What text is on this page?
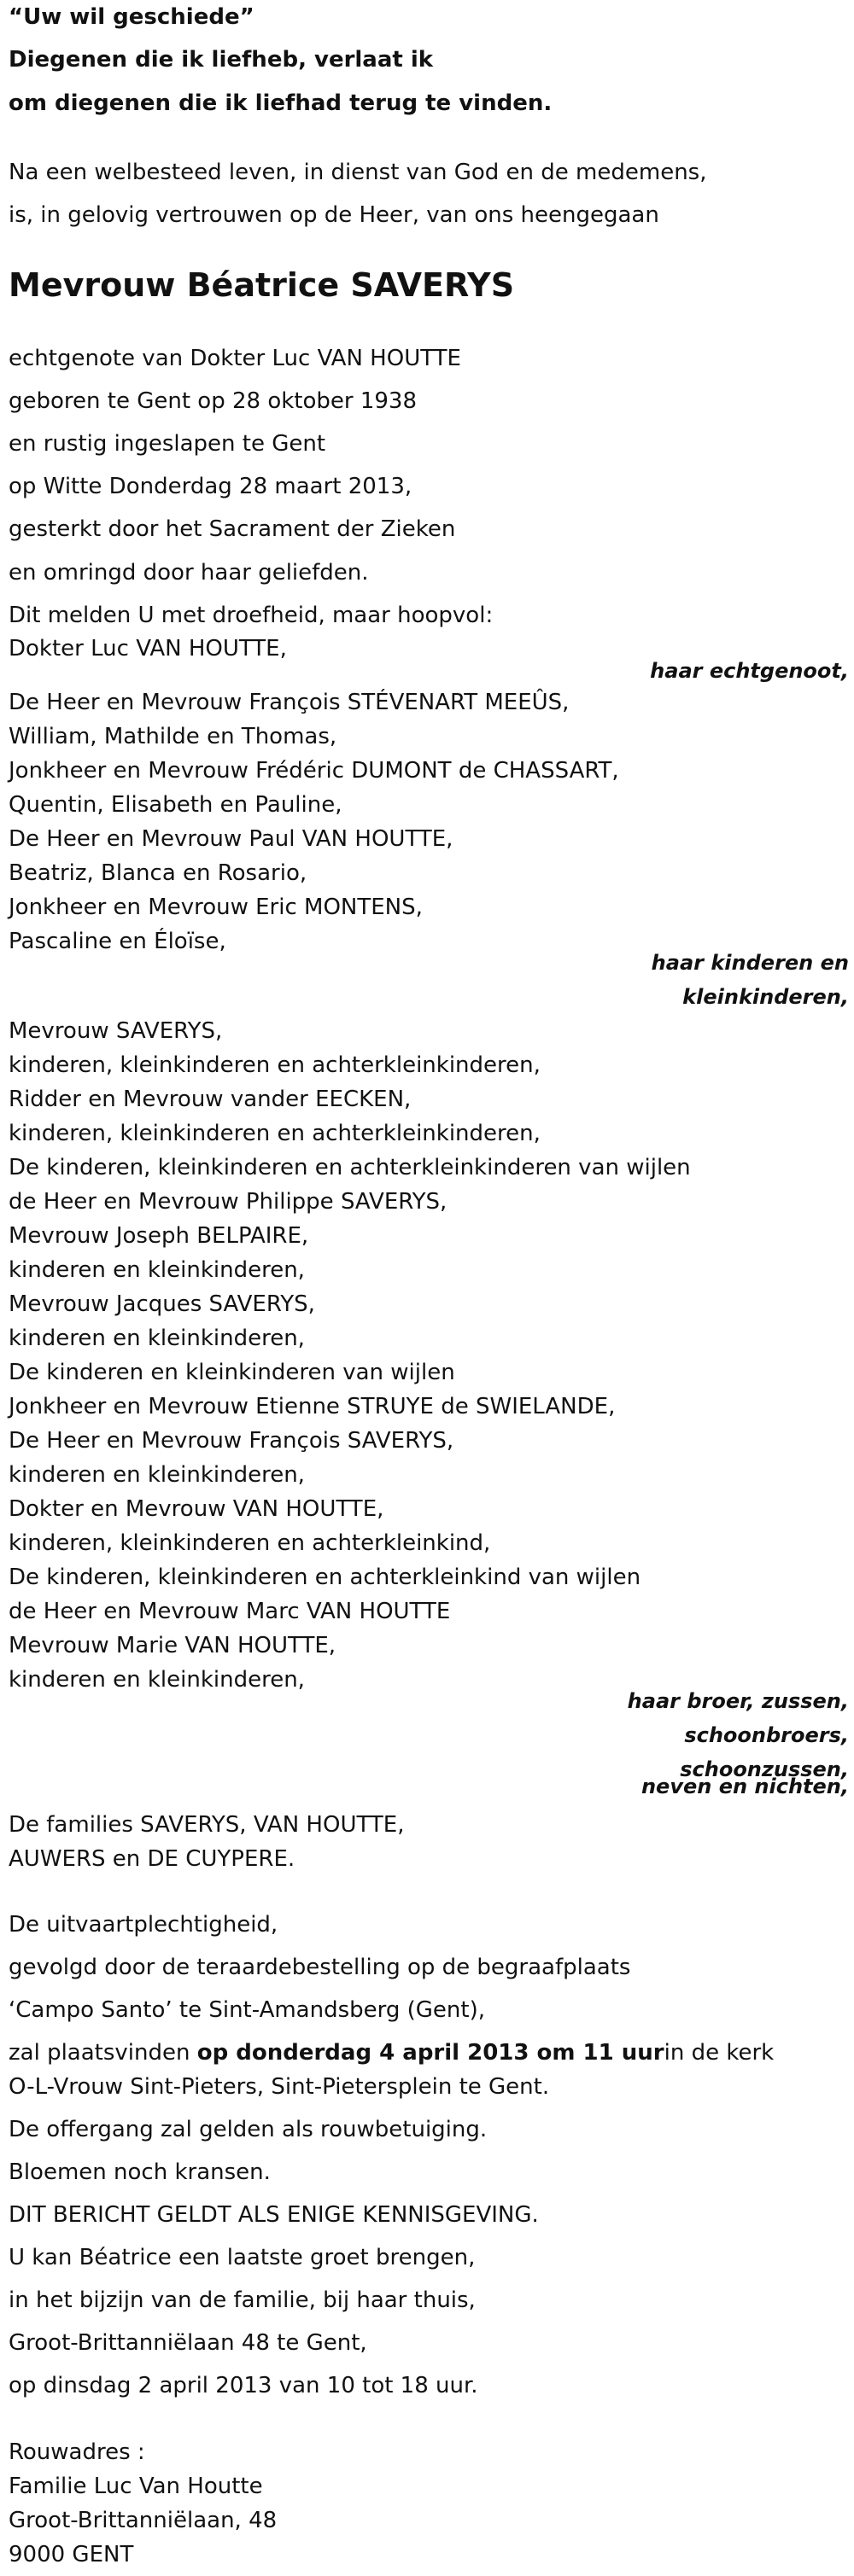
“Uw wil geschiede”
Diegenen die ik liefheb, verlaat ik
om diegenen die ik liefhad terug te vinden.
Na een welbesteed leven, in dienst van God en de medemens,
is, in gelovig vertrouwen op de Heer, van ons heengegaan
Mevrouw Béatrice SAVERYS
echtgenote van Dokter Luc VAN HOUTTE
geboren te Gent op 28 oktober 1938
en rustig ingeslapen te Gent
op Witte Donderdag 28 maart 2013,
gesterkt door het Sacrament der Zieken
en omringd door haar geliefden.
Dit melden U met droefheid, maar hoopvol:
Dokter Luc VAN HOUTTE,
haar echtgenoot,
De Heer en Mevrouw François STÉVENART MEEÛS,
William, Mathilde en Thomas,
Jonkheer en Mevrouw Frédéric DUMONT de CHASSART,
Quentin, Elisabeth en Pauline,
De Heer en Mevrouw Paul VAN HOUTTE,
Beatriz, Blanca en Rosario,
Jonkheer en Mevrouw Eric MONTENS,
Pascaline en Éloïse,
haar kinderen en
kleinkinderen,
Mevrouw SAVERYS,
kinderen, kleinkinderen en achterkleinkinderen,
Ridder en Mevrouw vander EECKEN,
kinderen, kleinkinderen en achterkleinkinderen,
De kinderen, kleinkinderen en achterkleinkinderen van wijlen
de Heer en Mevrouw Philippe SAVERYS,
Mevrouw Joseph BELPAIRE,
kinderen en kleinkinderen,
Mevrouw Jacques SAVERYS,
kinderen en kleinkinderen,
De kinderen en kleinkinderen van wijlen
Jonkheer en Mevrouw Etienne STRUYE de SWIELANDE,
De Heer en Mevrouw François SAVERYS,
kinderen en kleinkinderen,
Dokter en Mevrouw VAN HOUTTE,
kinderen, kleinkinderen en achterkleinkind,
De kinderen, kleinkinderen en achterkleinkind van wijlen
de Heer en Mevrouw Marc VAN HOUTTE
Mevrouw Marie VAN HOUTTE,
kinderen en kleinkinderen,
haar broer, zussen,
schoonbroers,
schoonzussen,
neven en nichten,
De families SAVERYS, VAN HOUTTE,
AUWERS en DE CUYPERE.
De uitvaartplechtigheid,
gevolgd door de teraardebestelling op de begraafplaats
‘Campo Santo’ te Sint-Amandsberg (Gent),
zal plaatsvinden op donderdag 4 april 2013 om 11 uurin de kerk
O-L-Vrouw Sint-Pieters, Sint-Pietersplein te Gent.
De offergang zal gelden als rouwbetuiging.
Bloemen noch kransen.
DIT BERICHT GELDT ALS ENIGE KENNISGEVING.
U kan Béatrice een laatste groet brengen,
in het bijzijn van de familie, bij haar thuis,
Groot-Brittanniëlaan 48 te Gent,
op dinsdag 2 april 2013 van 10 tot 18 uur.
Rouwadres :
Familie Luc Van Houtte
Groot-Brittanniëlaan, 48
9000 GENT
